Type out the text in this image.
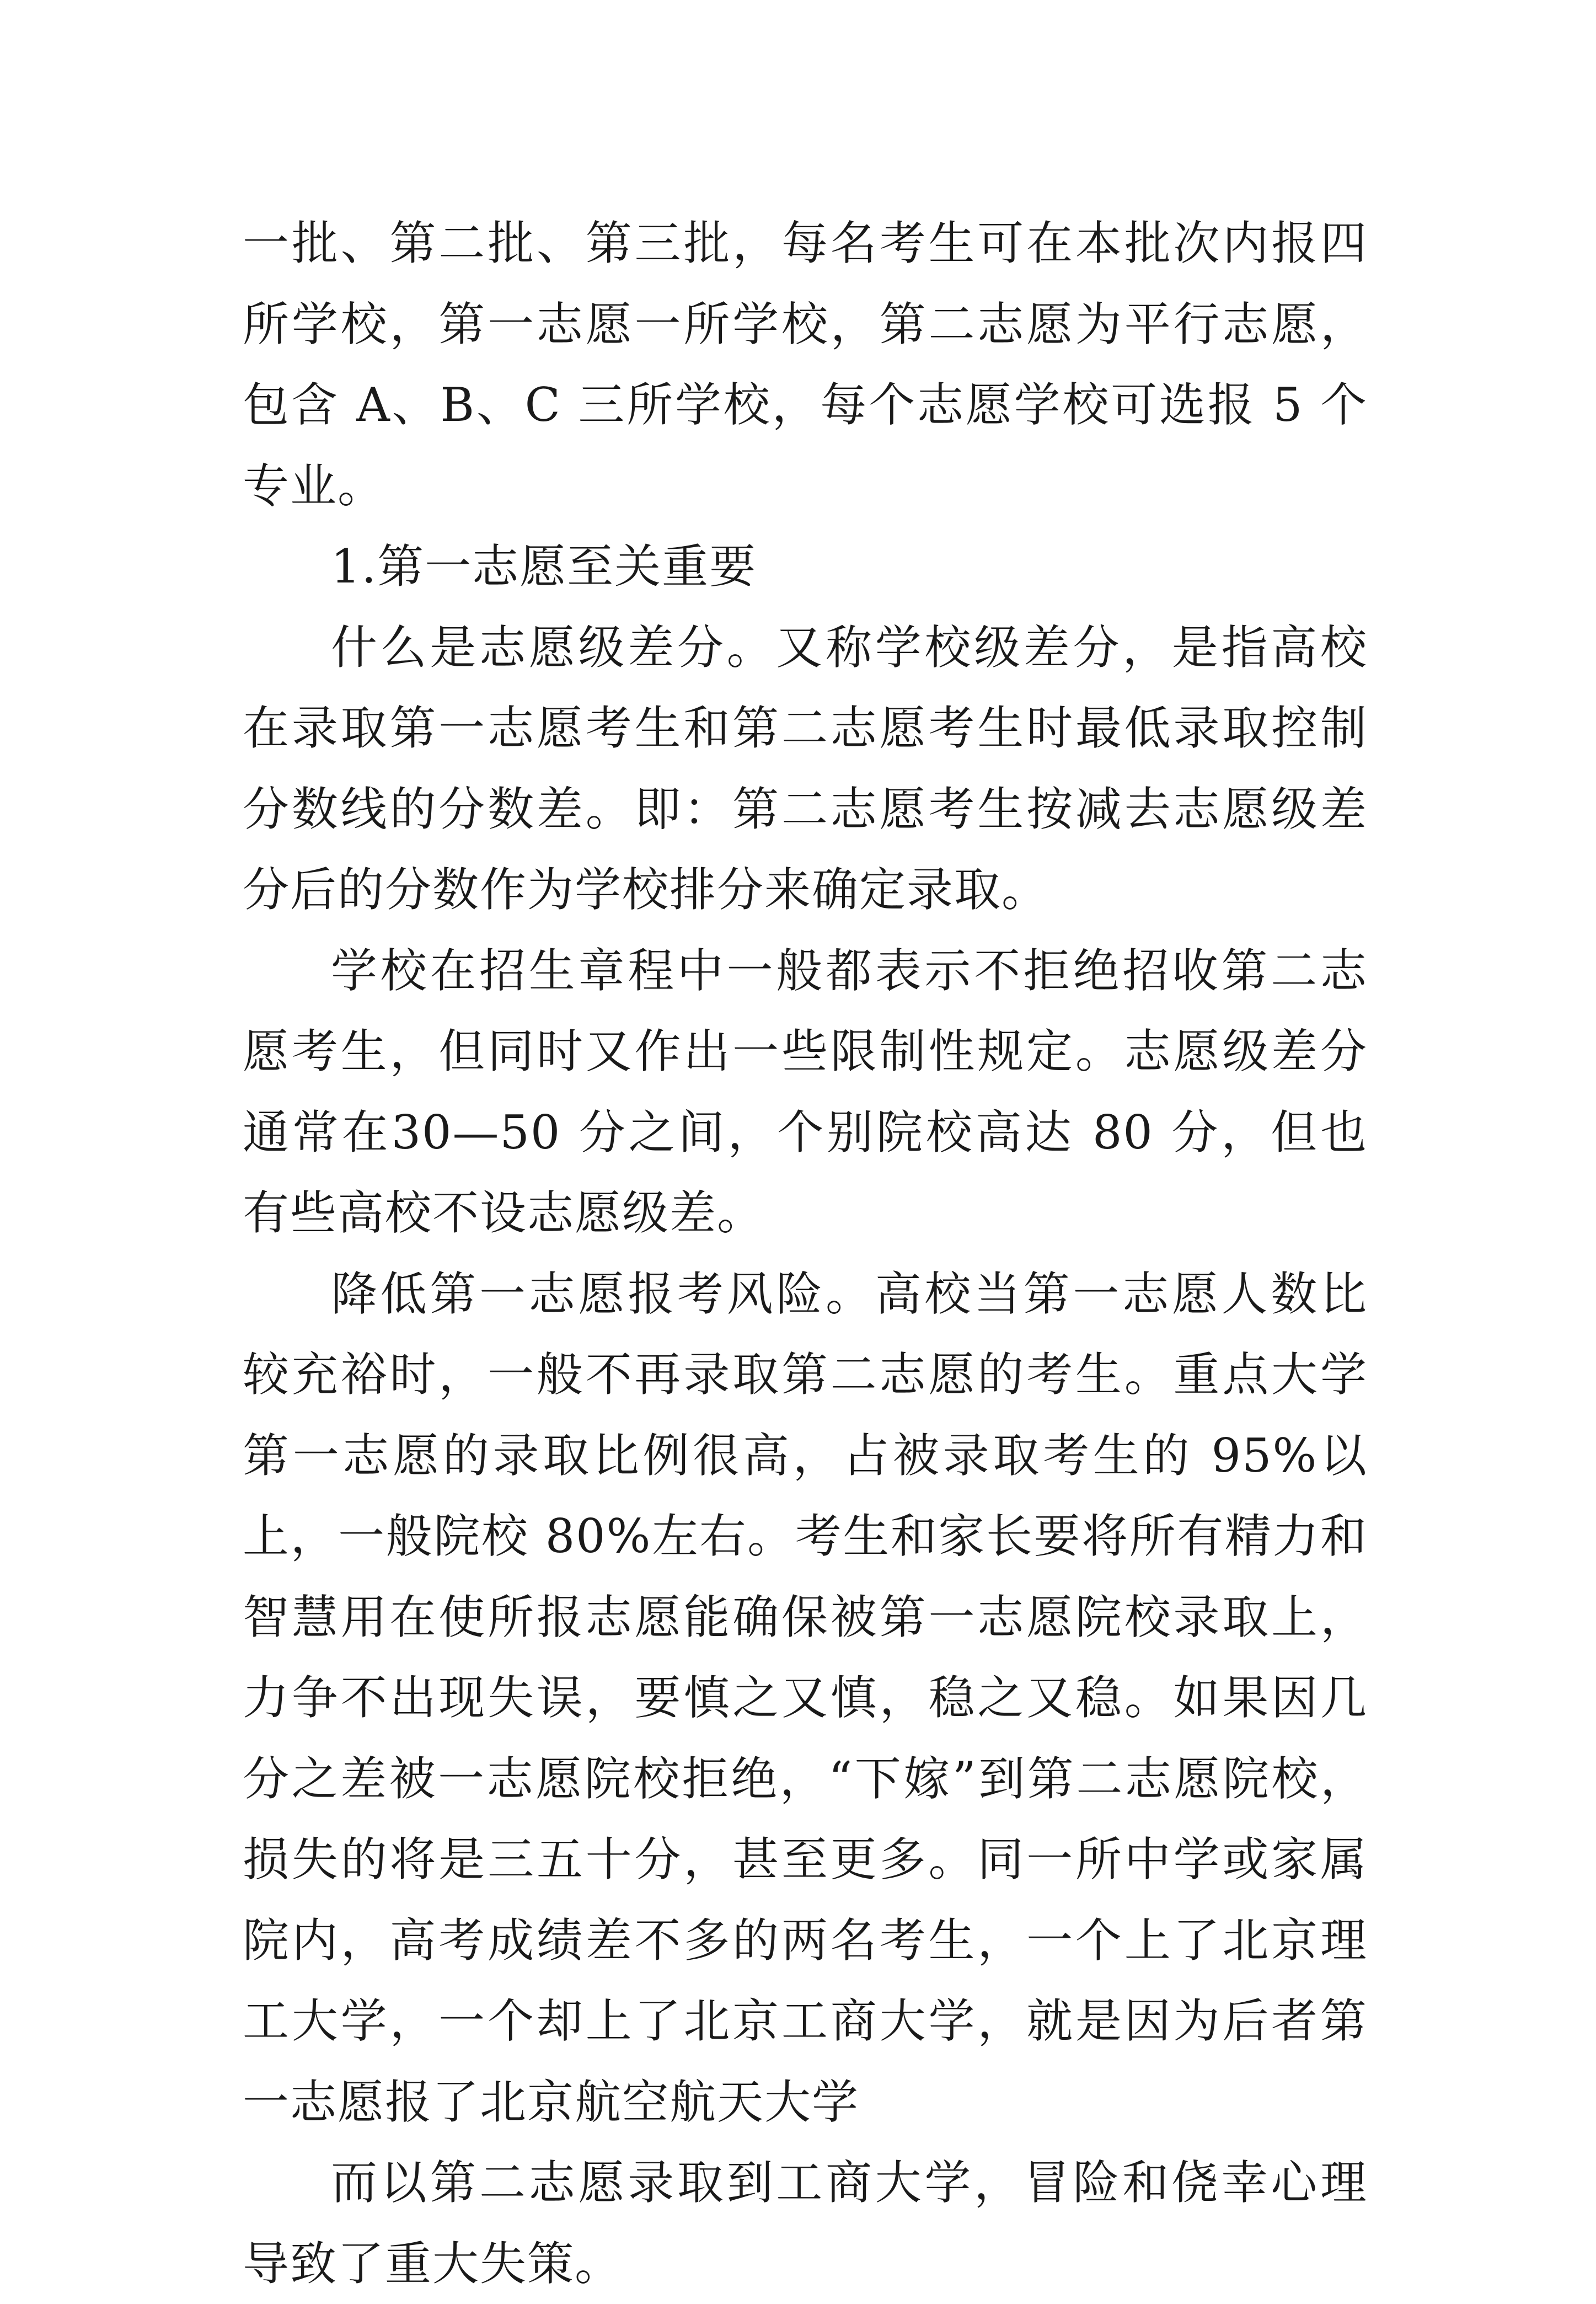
一批、第二批、第三批，每名考生可在本批次内报四所学校，第一志愿一所学校，第二志愿为平行志愿，包含 A、B、C 三所学校，每个志愿学校可选报 5 个专业。

1.第一志愿至关重要

什么是志愿级差分。又称学校级差分，是指高校在录取第一志愿考生和第二志愿考生时最低录取控制分数线的分数差。即：第二志愿考生按减去志愿级差分后的分数作为学校排分来确定录取。

学校在招生章程中一般都表示不拒绝招收第二志愿考生，但同时又作出一些限制性规定。志愿级差分通常在30—50 分之间，个别院校高达 80 分，但也有些高校不设志愿级差。

降低第一志愿报考风险。高校当第一志愿人数比较充裕时，一般不再录取第二志愿的考生。重点大学第一志愿的录取比例很高，占被录取考生的 95%以上，一般院校 80%左右。考生和家长要将所有精力和智慧用在使所报志愿能确保被第一志愿院校录取上，力争不出现失误，要慎之又慎，稳之又稳。如果因几分之差被一志愿院校拒绝，“下嫁”到第二志愿院校，损失的将是三五十分，甚至更多。同一所中学或家属院内，高考成绩差不多的两名考生，一个上了北京理工大学，一个却上了北京工商大学，就是因为后者第一志愿报了北京航空航天大学

而以第二志愿录取到工商大学，冒险和侥幸心理导致了重大失策。
